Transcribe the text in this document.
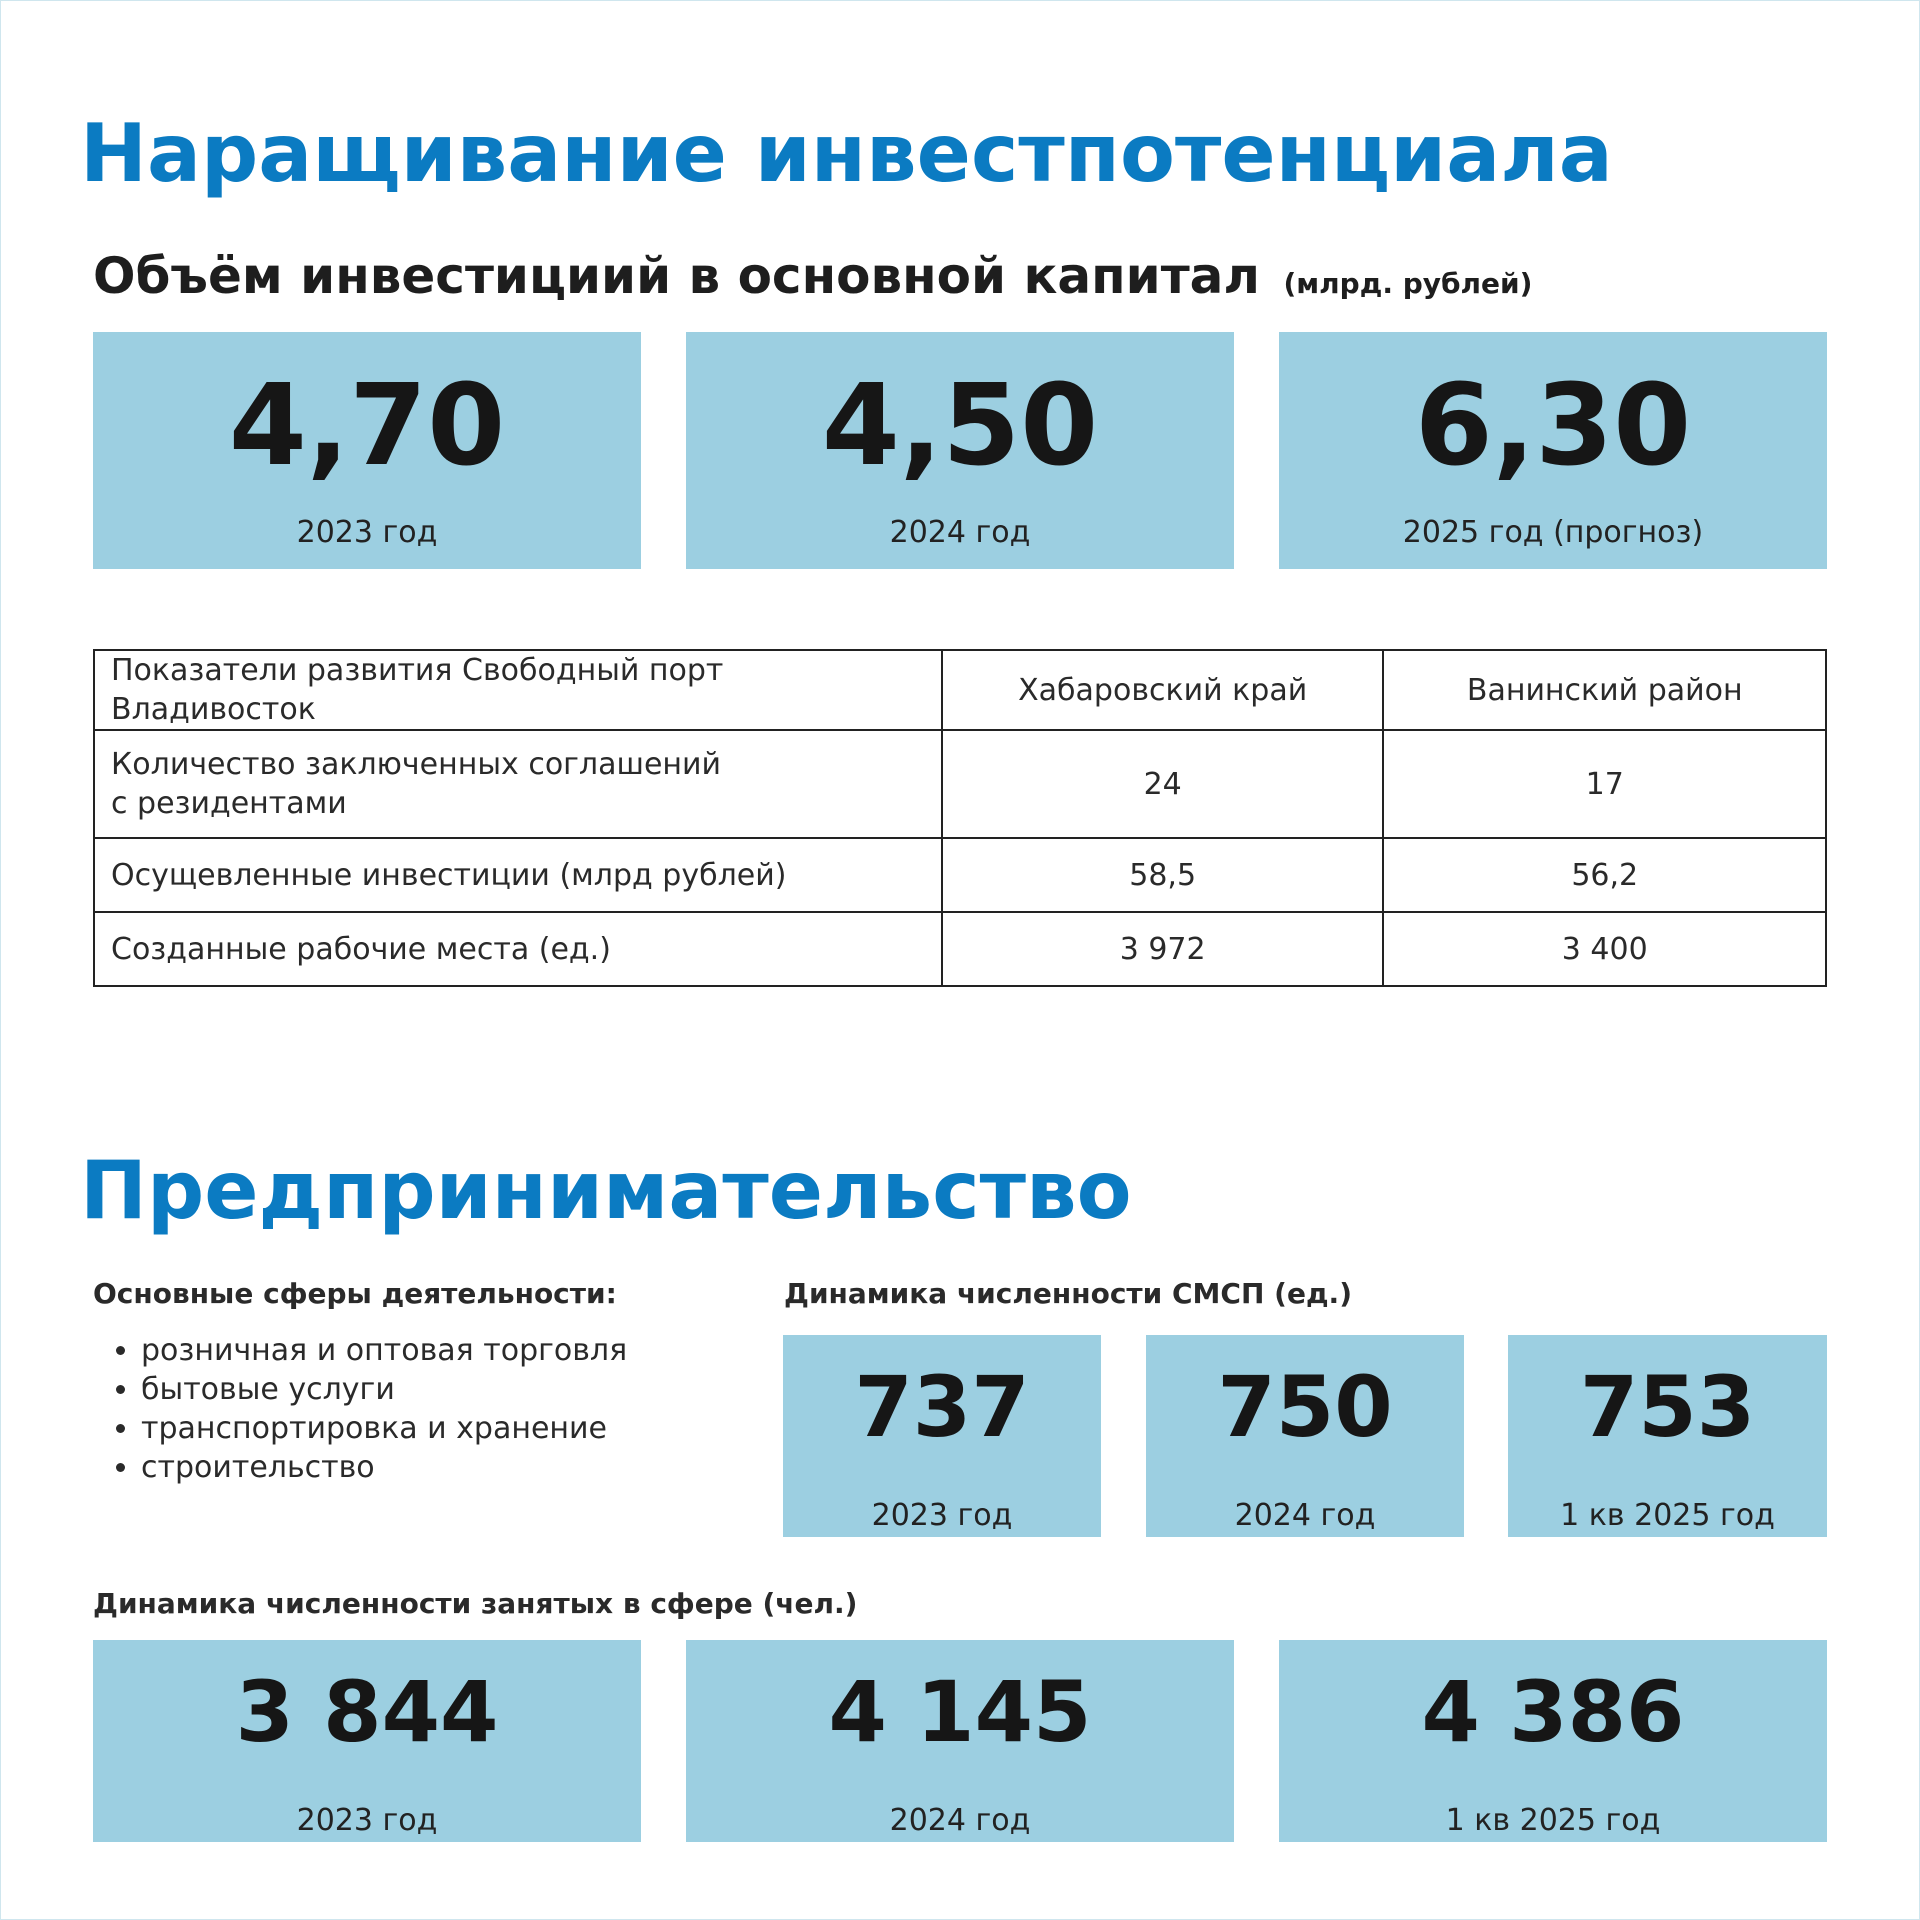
Наращивание инвестпотенциала
Объём инвестициий в основной капитал (млрд. рублей)
4,70
2023 год
4,50
2024 год
6,30
2025 год (прогноз)
Показатели развития Свободный порт Владивосток	Хабаровский край	Ванинский район
Количество заключенных соглашений
с резидентами	24	17
Осущевленные инвестиции (млрд рублей)	58,5	56,2
Созданные рабочие места (ед.)	3 972	3 400
Предпринимательство
Основные сферы деятельности:
• розничная и оптовая торговля
• бытовые услуги
• транспортировка и хранение
• строительство
Динамика численности СМСП (ед.)
737
2023 год
750
2024 год
753
1 кв 2025 год
Динамика численности занятых в сфере (чел.)
3 844
2023 год
4 145
2024 год
4 386
1 кв 2025 год
